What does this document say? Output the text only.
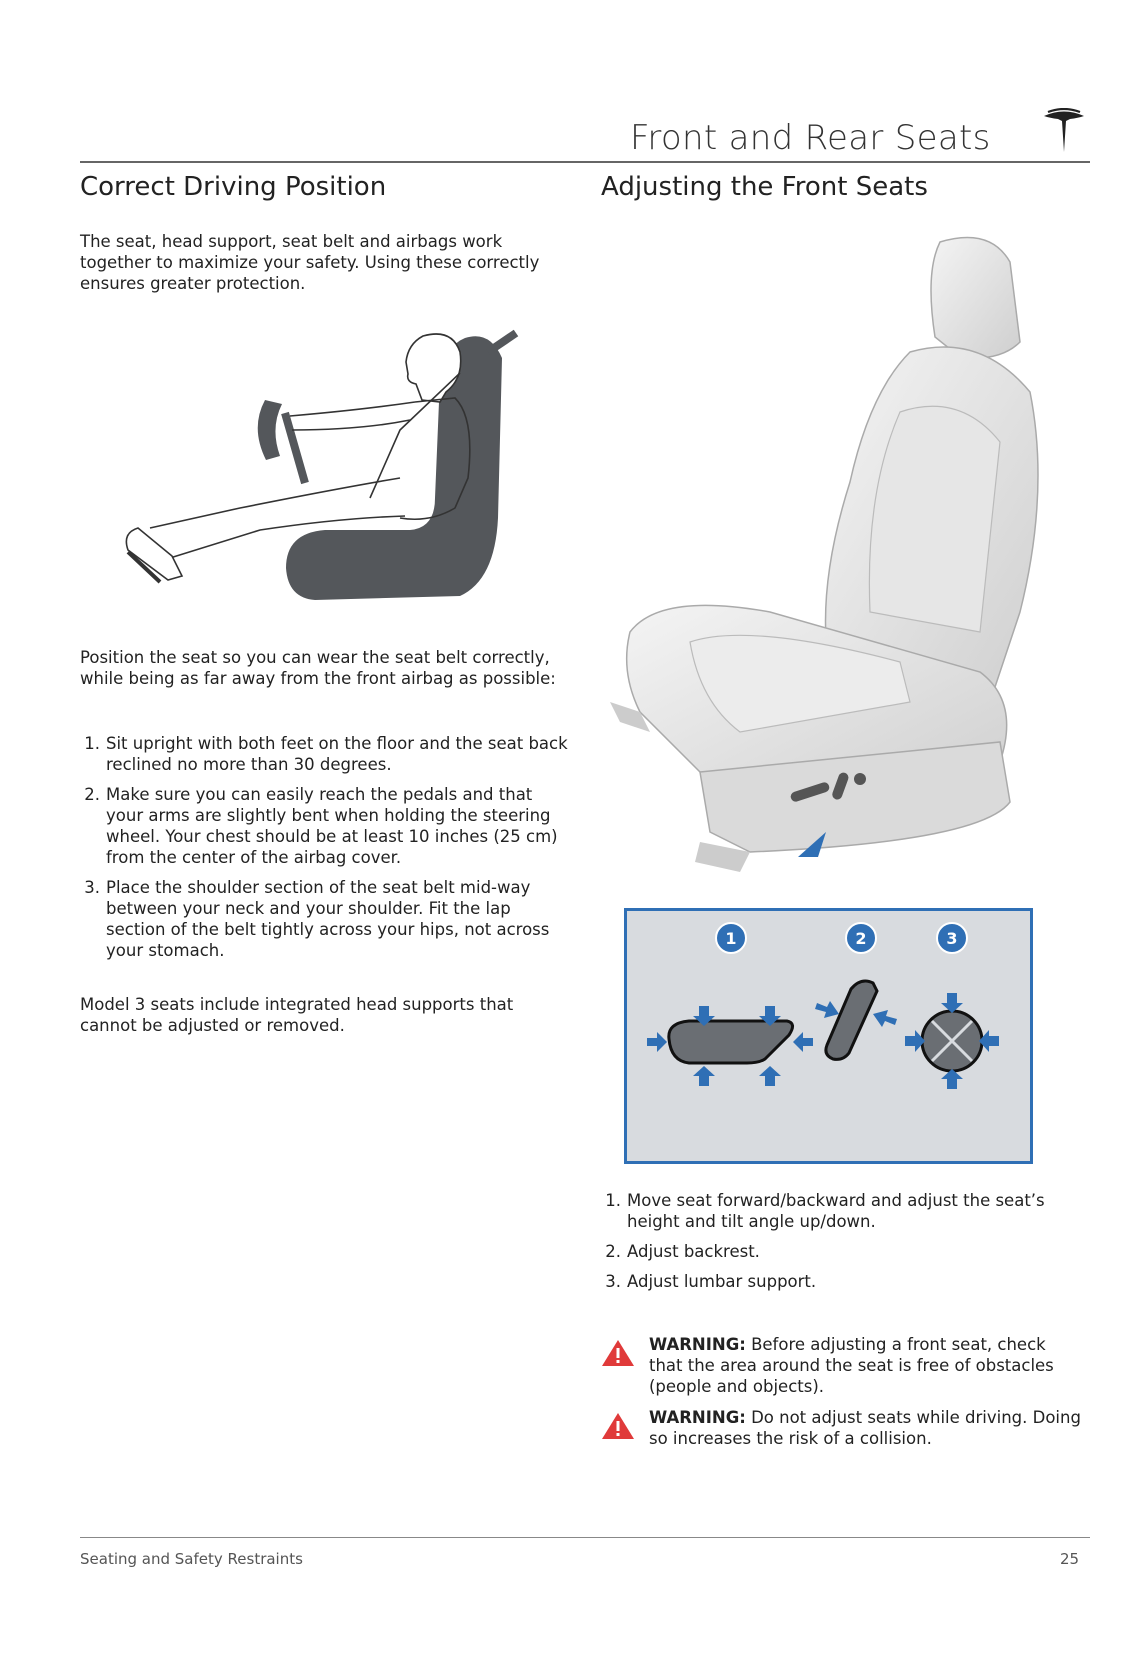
Front and Rear Seats
Correct Driving Position
The seat, head support, seat belt and airbags work together to maximize your safety. Using these correctly ensures greater protection.
Position the seat so you can wear the seat belt correctly, while being as far away from the front airbag as possible:
1. Sit upright with both feet on the floor and the seat back reclined no more than 30 degrees.
2. Make sure you can easily reach the pedals and that your arms are slightly bent when holding the steering wheel. Your chest should be at least 10 inches (25 cm) from the center of the airbag cover.
3. Place the shoulder section of the seat belt mid-way between your neck and your shoulder. Fit the lap section of the belt tightly across your hips, not across your stomach.
Model 3 seats include integrated head supports that cannot be adjusted or removed.
Adjusting the Front Seats
1	2	3
1. Move seat forward/backward and adjust the seat’s height and tilt angle up/down.
2. Adjust backrest.
3. Adjust lumbar support.
WARNING: Before adjusting a front seat, check that the area around the seat is free of obstacles (people and objects).
WARNING: Do not adjust seats while driving. Doing so increases the risk of a collision.
Seating and Safety Restraints	25
